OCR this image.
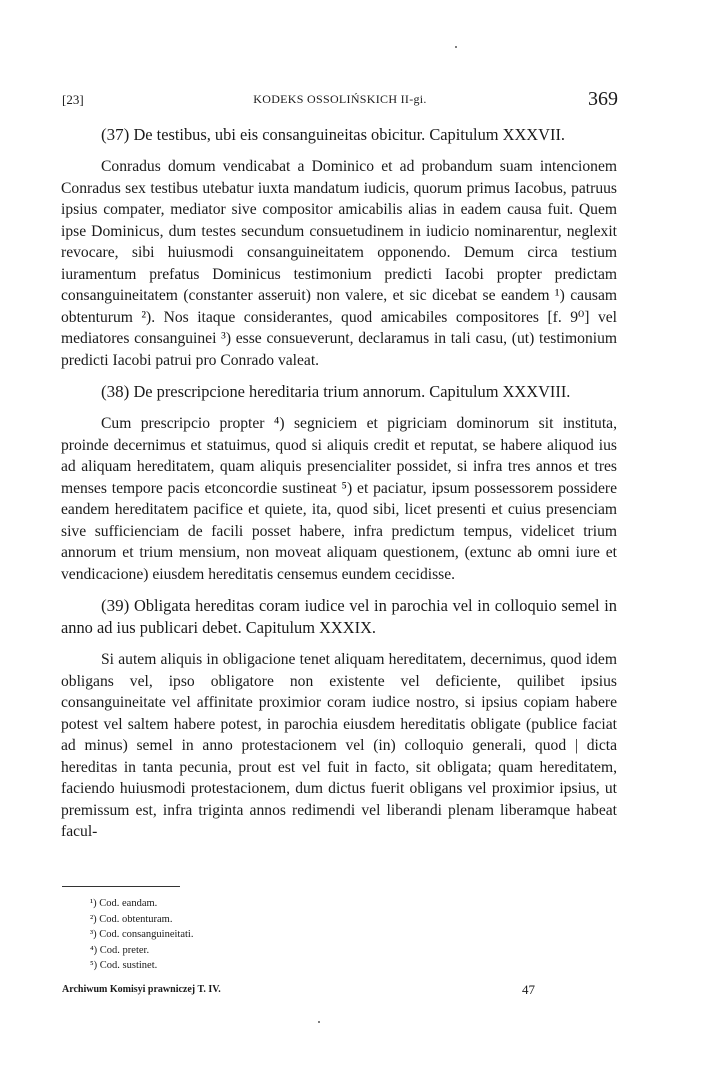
[23]	KODEKS OSSOLIŃSKICH II-gi.	369

(37) De testibus, ubi eis consanguineitas obicitur. Capitulum XXXVII.

Conradus domum vendicabat a Dominico et ad probandum suam intencionem Conradus sex testibus utebatur iuxta mandatum iudicis, quorum primus Iacobus, patruus ipsius compater, mediator sive compositor amicabilis alias in eadem causa fuit. Quem ipse Dominicus, dum testes secundum consuetudinem in iudicio nominarentur, neglexit revocare, sibi huiusmodi consanguineitatem opponendo. Demum circa testium iuramentum prefatus Dominicus testimonium predicti Iacobi propter predictam consanguineitatem (constanter asseruit) non valere, et sic dicebat se eandem ¹) causam obtenturum ²). Nos itaque considerantes, quod amicabiles compositores [f. 9⁰] vel mediatores consanguinei ³) esse consueverunt, declaramus in tali casu, (ut) testimonium predicti Iacobi patrui pro Conrado valeat.

(38) De prescripcione hereditaria trium annorum. Capitulum XXXVIII.

Cum prescripcio propter ⁴) segniciem et pigriciam dominorum sit instituta, proinde decernimus et statuimus, quod si aliquis credit et reputat, se habere aliquod ius ad aliquam hereditatem, quam aliquis presencialiter possidet, si infra tres annos et tres menses tempore pacis etconcordie sustineat ⁵) et paciatur, ipsum possessorem possidere eandem hereditatem pacifice et quiete, ita, quod sibi, licet presenti et cuius presenciam sive sufficienciam de facili posset habere, infra predictum tempus, videlicet trium annorum et trium mensium, non moveat aliquam questionem, (extunc ab omni iure et vendicacione) eiusdem hereditatis censemus eundem cecidisse.

(39) Obligata hereditas coram iudice vel in parochia vel in colloquio semel in anno ad ius publicari debet. Capitulum XXXIX.

Si autem aliquis in obligacione tenet aliquam hereditatem, decernimus, quod idem obligans vel, ipso obligatore non existente vel deficiente, quilibet ipsius consanguineitate vel affinitate proximior coram iudice nostro, si ipsius copiam habere potest vel saltem habere potest, in parochia eiusdem hereditatis obligate (publice faciat ad minus) semel in anno protestacionem vel (in) colloquio generali, quod | dicta hereditas in tanta pecunia, prout est vel fuit in facto, sit obligata; quam hereditatem, faciendo huiusmodi protestacionem, dum dictus fuerit obligans vel proximior ipsius, ut premissum est, infra triginta annos redimendi vel liberandi plenam liberamque habeat facul-

¹) Cod. eandam.
²) Cod. obtenturam.
³) Cod. consanguineitati.
⁴) Cod. preter.
⁵) Cod. sustinet.
Archiwum Komisyi prawniczej T. IV.	47
